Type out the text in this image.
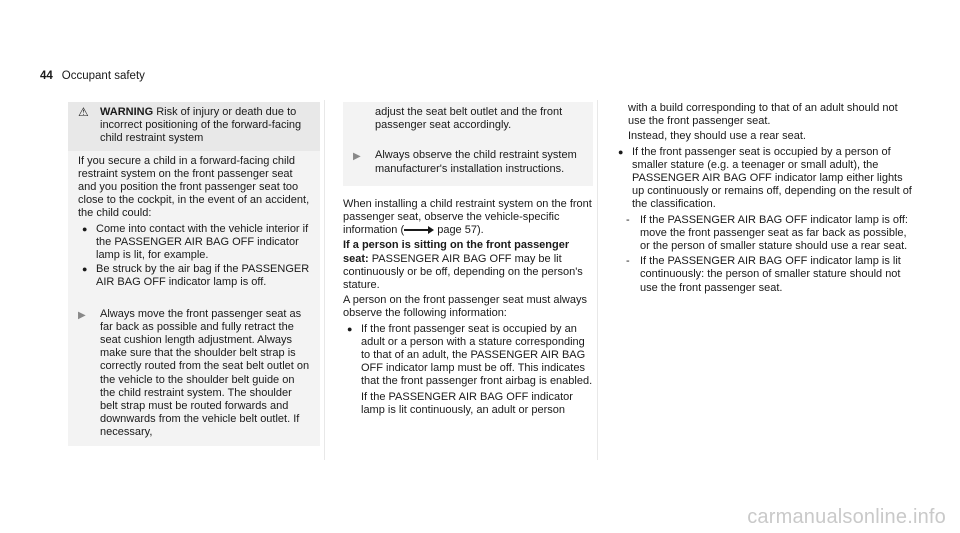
44 Occupant safety
⚠	WARNING Risk of injury or death due to incorrect positioning of the forward-facing child restraint system

If you secure a child in a forward-facing child restraint system on the front passenger seat and you position the front passenger seat too close to the cockpit, in the event of an accident, the child could:

● Come into contact with the vehicle interior if the PASSENGER AIR BAG OFF indicator lamp is lit, for example.
● Be struck by the air bag if the PASSENGER AIR BAG OFF indicator lamp is off.
▶	Always move the front passenger seat as far back as possible and fully retract the seat cushion length adjustment. Always make sure that the shoulder belt strap is correctly routed from the seat belt outlet on the vehicle to the shoulder belt guide on the child restraint system. The shoulder belt strap must be routed forwards and downwards from the vehicle belt outlet. If necessary,
adjust the seat belt outlet and the front passenger seat accordingly.
▶	Always observe the child restraint system manufacturer's installation instructions.

When installing a child restraint system on the front passenger seat, observe the vehicle-specific information (	page 57).

If a person is sitting on the front passenger seat: PASSENGER AIR BAG OFF may be lit continuously or be off, depending on the person's stature.

A person on the front passenger seat must always observe the following information:

● If the front passenger seat is occupied by an adult or a person with a stature corresponding to that of an adult, the PASSENGER AIR BAG OFF indicator lamp must be off. This indicates that the front passenger front airbag is enabled.

If the PASSENGER AIR BAG OFF indicator lamp is lit continuously, an adult or person

with a build corresponding to that of an adult should not use the front passenger seat.

Instead, they should use a rear seat.

● If the front passenger seat is occupied by a person of smaller stature (e.g. a teenager or small adult), the PASSENGER AIR BAG OFF indicator lamp either lights up continuously or remains off, depending on the result of the classification.
- If the PASSENGER AIR BAG OFF indicator lamp is off: move the front passenger seat as far back as possible, or the person of smaller stature should use a rear seat.
- If the PASSENGER AIR BAG OFF indicator lamp is lit continuously: the person of smaller stature should not use the front passenger seat.
carmanualsonline.info
